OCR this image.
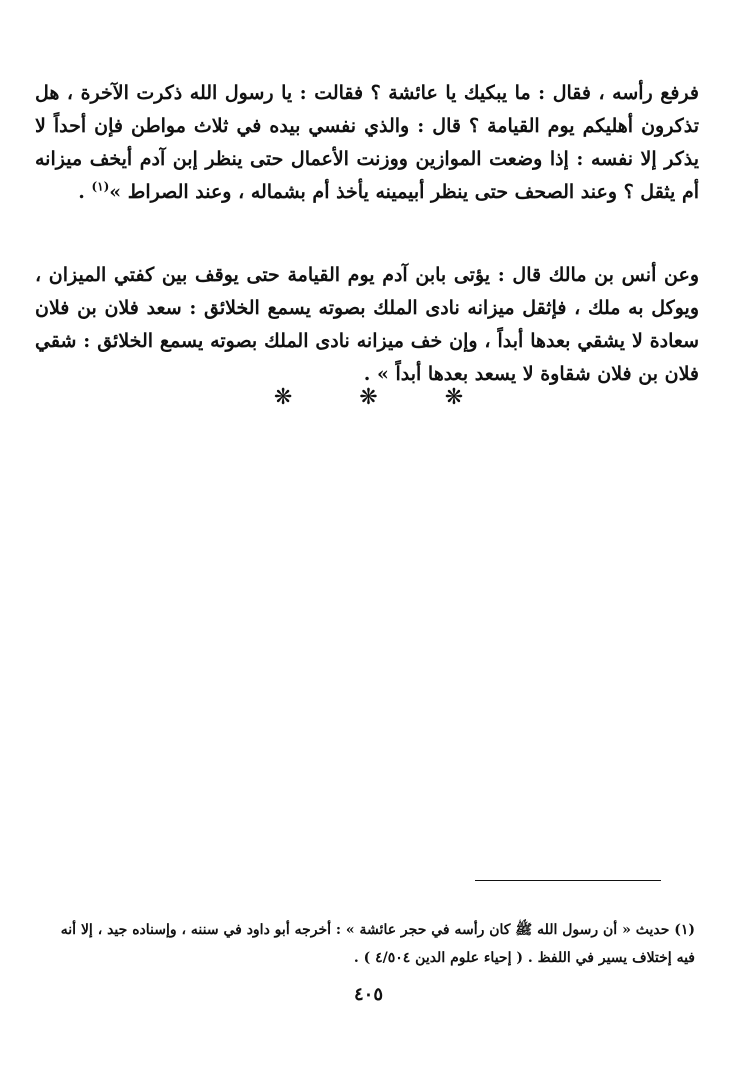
فرفع رأسه ، فقال : ما يبكيك يا عائشة ؟ فقالت : يا رسول الله ذكرت الآخرة ، هل تذكرون أهليكم يوم القيامة ؟ قال : والذي نفسي بيده في ثلاث مواطن فإن أحداً لا يذكر إلا نفسه : إذا وضعت الموازين ووزنت الأعمال حتى ينظر إبن آدم أيخف ميزانه أم يثقل ؟ وعند الصحف حتى ينظر أبيمينه يأخذ أم بشماله ، وعند الصراط »$^{(١)}$ .

وعن أنس بن مالك قال : يؤتى بابن آدم يوم القيامة حتى يوقف بين كفتي الميزان ، ويوكل به ملك ، فإثقل ميزانه نادى الملك بصوته يسمع الخلائق : سعد فلان بن فلان سعادة لا يشقي بعدها أبداً ، وإن خف ميزانه نادى الملك بصوته يسمع الخلائق : شقي فلان بن فلان شقاوة لا يسعد بعدها أبداً » .

❋	❋	❋

(١) حديث « أن رسول الله ﷺ كان رأسه في حجر عائشة » : أخرجه أبو داود في سننه ، وإسناده جيد ، إلا أنه فيه إختلاف يسير في اللفظ . ( إحياء علوم الدين ٤/٥٠٤ ) .

٤٠٥
